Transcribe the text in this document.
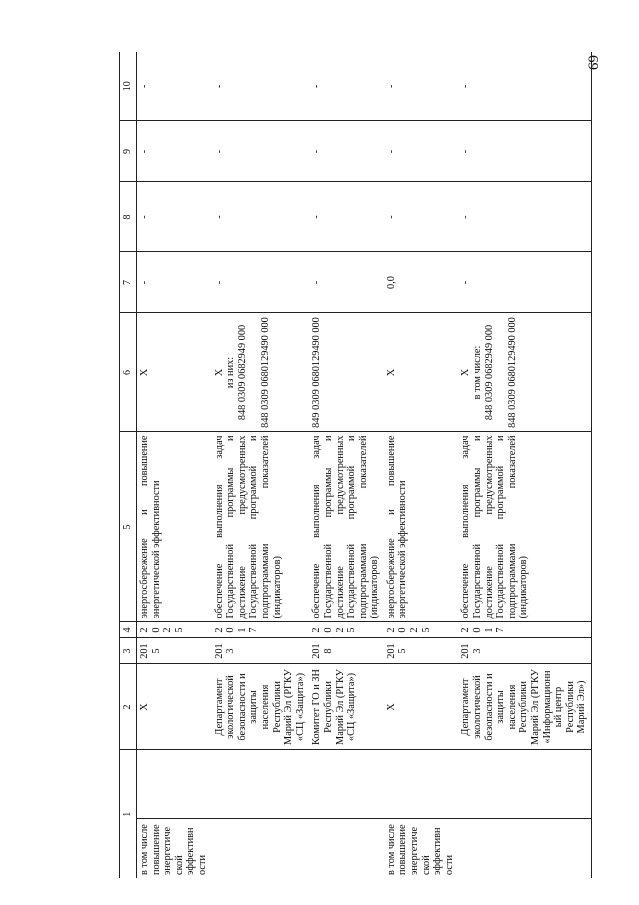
69
1		2	3	4	5	6	7	8	9	10
в том числе повышение энергетической эффективности		Х	2015	2025	энергосбережение и повышение энергетической эффективности	Х	-	-	-	-
		Департамент экологической безопасности и защиты населения Республики Марий Эл (РГКУ «СЦ «Защита»)	2013	2017	обеспечение выполнения задач Государственной программы и достижение предусмотренных Государственной программой и подпрограммами показателей (индикаторов)	Х из них: 848 0309 0682949 000 848 0309 0680129490 000	-	-	-	-
		Комитет ГО и ЗН Республики Марий Эл (РГКУ «СЦ «Защита»)	2018	2025	обеспечение выполнения задач Государственной программы и достижение предусмотренных Государственной программой и подпрограммами показателей (индикаторов)	849 0309 0680129490 000	-	-	-	-
в том числе повышение энергетической эффективности		Х	2015	2025	энергосбережение и повышение энергетической эффективности	Х	0,0	-	-	-
		Департамент экологической безопасности и защиты населения Республики Марий Эл (РГКУ «Информационный центр Республики Марий Эл»)	2013	2017	обеспечение выполнения задач Государственной программы и достижение предусмотренных Государственной программой и подпрограммами показателей (индикаторов)	Х в том числе: 848 0309 0682949 000 848 0309 0680129490 000	-	-	-	-
